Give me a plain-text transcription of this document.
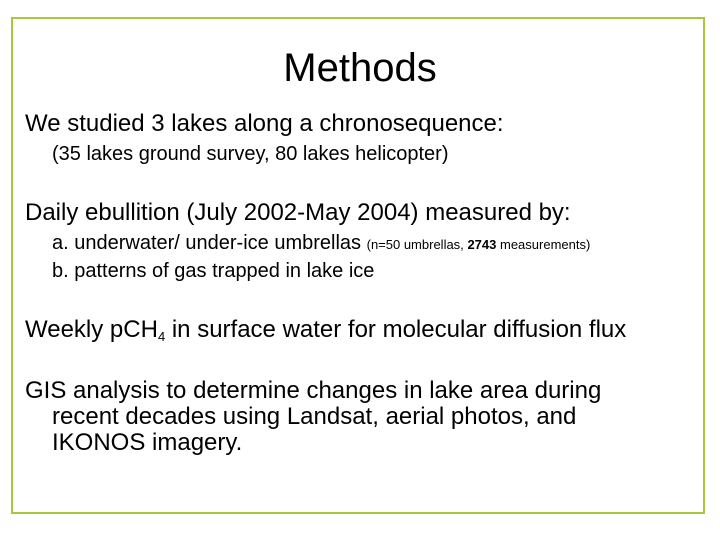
Methods
We studied 3 lakes along a chronosequence:
(35 lakes ground survey, 80 lakes helicopter)
Daily ebullition (July 2002-May 2004) measured by:
a. underwater/ under-ice umbrellas (n=50 umbrellas, 2743 measurements)
b. patterns of gas trapped in lake ice
Weekly pCH$_4$ in surface water for molecular diffusion flux
GIS analysis to determine changes in lake area during
recent decades using Landsat, aerial photos, and
IKONOS imagery.
